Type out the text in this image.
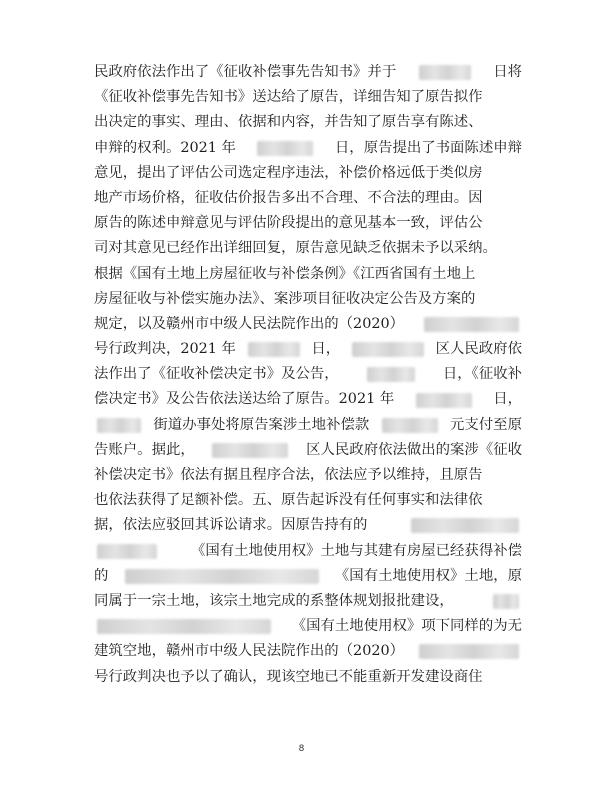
民政府依法作出了《征收补偿事先告知书》并于	日将
《征收补偿事先告知书》送达给了原告，详细告知了原告拟作
出决定的事实、理由、依据和内容，并告知了原告享有陈述、
申辩的权利。2021 年	日，原告提出了书面陈述申辩
意见，提出了评估公司选定程序违法，补偿价格远低于类似房
地产市场价格，征收估价报告多出不合理、不合法的理由。因
原告的陈述申辩意见与评估阶段提出的意见基本一致，评估公
司对其意见已经作出详细回复，原告意见缺乏依据未予以采纳。
根据《国有土地上房屋征收与补偿条例》《江西省国有土地上
房屋征收与补偿实施办法》、案涉项目征收决定公告及方案的
规定，以及赣州市中级人民法院作出的（2020）
号行政判决，2021 年	日，	区人民政府依
法作出了《征收补偿决定书》及公告，	日，《征收补
偿决定书》及公告依法送达给了原告。2021 年	日，
街道办事处将原告案涉土地补偿款	元支付至原
告账户。据此，	区人民政府依法做出的案涉《征收
补偿决定书》依法有据且程序合法，依法应予以维持，且原告
也依法获得了足额补偿。五、原告起诉没有任何事实和法律依
据，依法应驳回其诉讼请求。因原告持有的
《国有土地使用权》土地与其建有房屋已经获得补偿
的	《国有土地使用权》土地，原
同属于一宗土地，该宗土地完成的系整体规划报批建设，
《国有土地使用权》项下同样的为无
建筑空地，赣州市中级人民法院作出的（2020）
号行政判决也予以了确认，现该空地已不能重新开发建设商住
8
